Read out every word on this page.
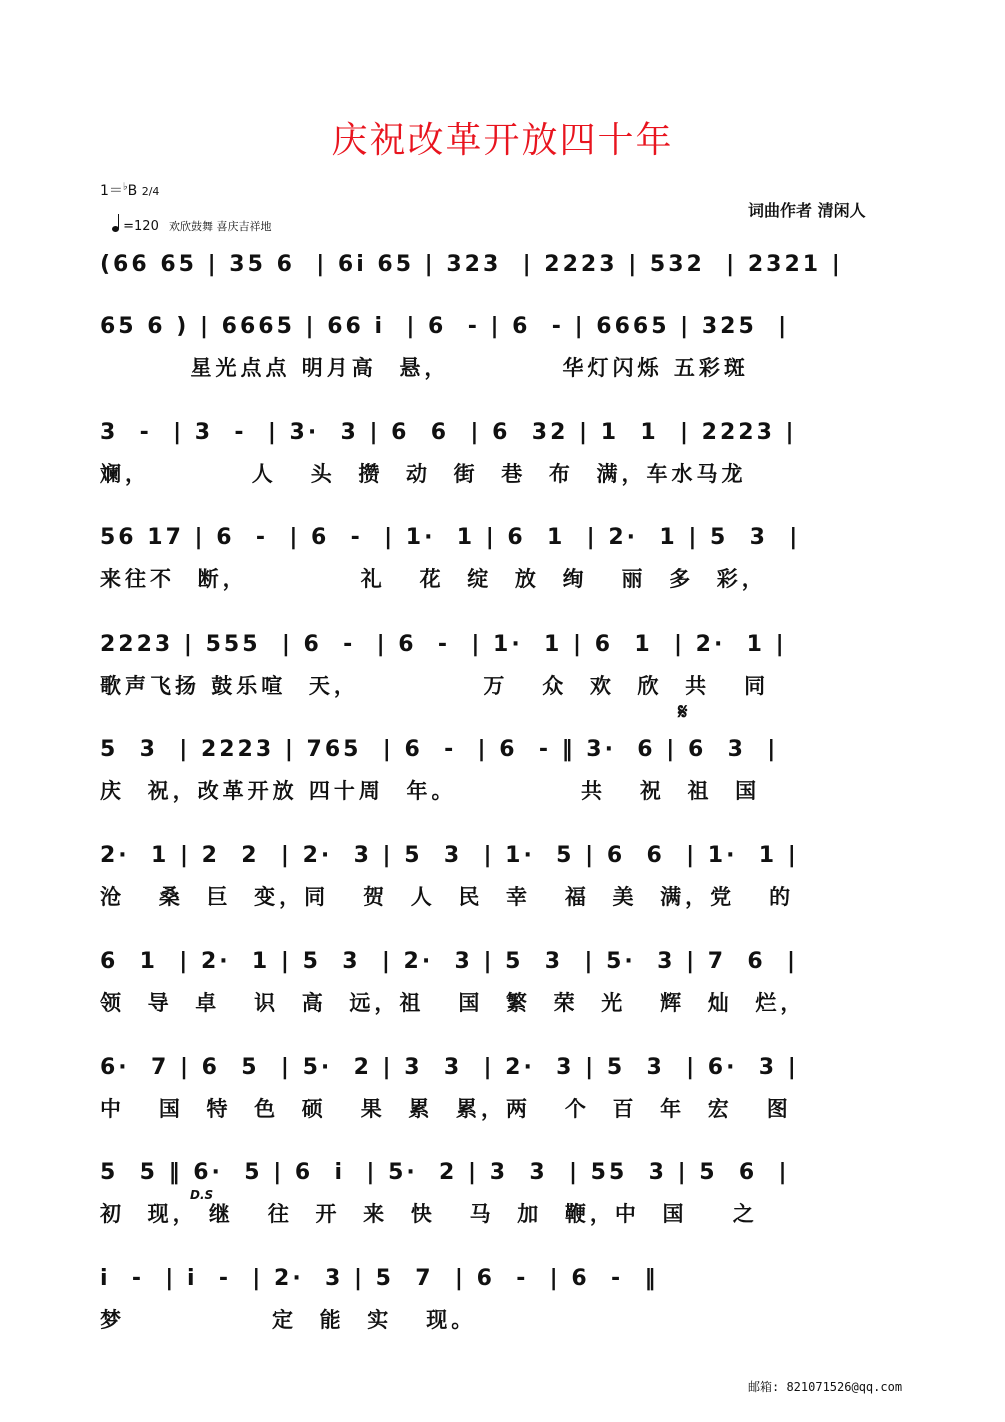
庆祝改革开放四十年
1＝♭B 2/4
=120 欢欣鼓舞 喜庆吉祥地
词曲作者 清闲人
(66 65 | 35 6  | 6i 65 | 323  | 2223 | 532  | 2321 |
65 6 ) | 6665 | 66 i  | 6  - | 6  - | 6665 | 325  |
星光点点 明月高  悬，          华灯闪烁 五彩斑
3  -  | 3  -  | 3·  3 | 6  6  | 6  32 | 1  1  | 2223 |
斓，         人   头  攒  动  街  巷  布  满，车水马龙
56 17 | 6  -  | 6  -  | 1·  1 | 6  1  | 2·  1 | 5  3  |
来往不  断，          礼   花  绽  放  绚   丽  多  彩，
2223 | 555  | 6  -  | 6  -  | 1·  1 | 6  1  | 2·  1 |
歌声飞扬 鼓乐喧  天，           万   众  欢  欣  共   同
5  3  | 2223 | 765  | 6  -  | 6  - ‖ 3·  6 | 6  3  |
庆  祝，改革开放 四十周  年。           共   祝  祖  国
2·  1 | 2  2  | 2·  3 | 5  3  | 1·  5 | 6  6  | 1·  1 |
沧   桑  巨  变，同   贺  人  民  幸   福  美  满，党   的
6  1  | 2·  1 | 5  3  | 2·  3 | 5  3  | 5·  3 | 7  6  |
领  导  卓   识  高  远，祖   国  繁  荣  光   辉  灿  烂，
6·  7 | 6  5  | 5·  2 | 3  3  | 2·  3 | 5  3  | 6·  3 |
中   国  特  色  硕   果  累  累，两   个  百  年  宏   图
5  5 ‖ 6·  5 | 6  i  | 5·  2 | 3  3  | 55  3 | 5  6  |
初  现， 继   往  开  来  快   马  加  鞭，中  国    之
i  -  | i  -  | 2·  3 | 5  7  | 6  -  | 6  -  ‖
梦             定  能  实   现。
邮箱: 821071526@qq.com
𝄋
D.S
